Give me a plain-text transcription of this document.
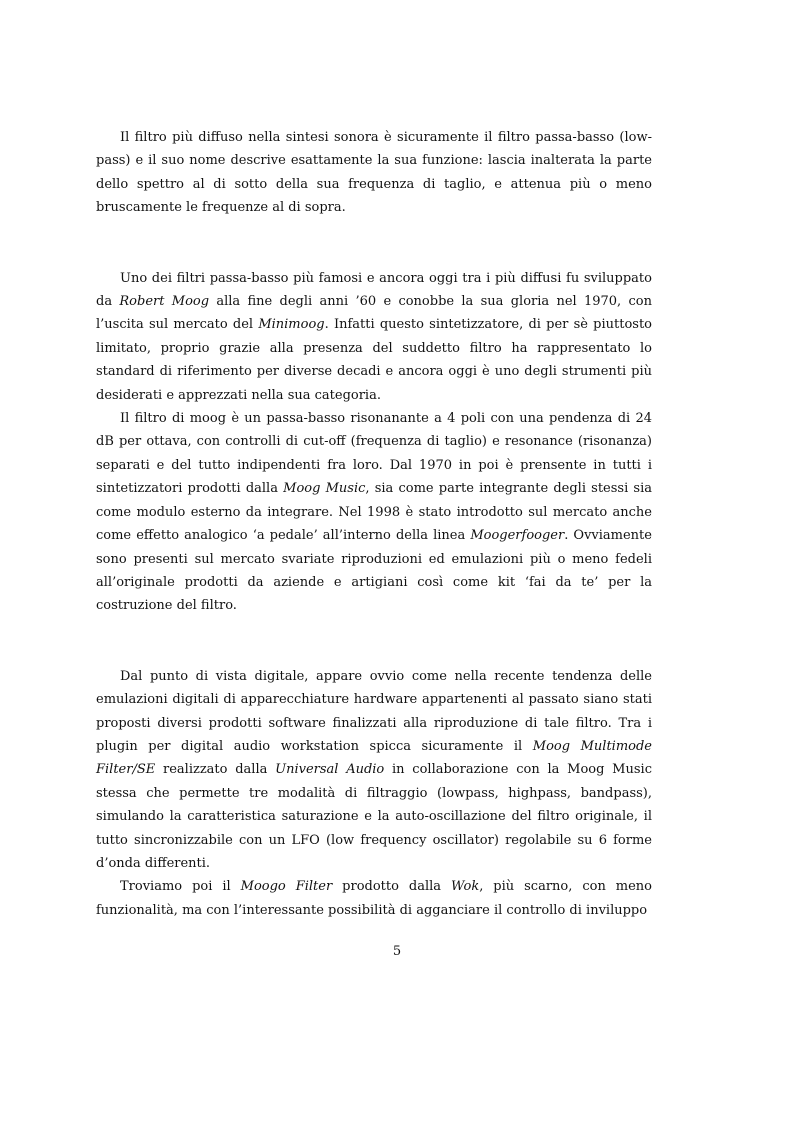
Il filtro più diffuso nella sintesi sonora è sicuramente il filtro passa-basso (low-pass) e il suo nome descrive esattamente la sua funzione: lascia inalterata la parte dello spettro al di sotto della sua frequenza di taglio, e attenua più o meno bruscamente le frequenze al di sopra.

Uno dei filtri passa-basso più famosi e ancora oggi tra i più diffusi fu sviluppato da Robert Moog alla fine degli anni ’60 e conobbe la sua gloria nel 1970, con l’uscita sul mercato del Minimoog. Infatti questo sintetizzatore, di per sè piuttosto limitato, proprio grazie alla presenza del suddetto filtro ha rappresentato lo standard di riferimento per diverse decadi e ancora oggi è uno degli strumenti più desiderati e apprezzati nella sua categoria.

Il filtro di moog è un passa-basso risonanante a 4 poli con una pendenza di 24 dB per ottava, con controlli di cut-off (frequenza di taglio) e resonance (risonanza) separati e del tutto indipendenti fra loro. Dal 1970 in poi è prensente in tutti i sintetizzatori prodotti dalla Moog Music, sia come parte integrante degli stessi sia come modulo esterno da integrare. Nel 1998 è stato introdotto sul mercato anche come effetto analogico ‘a pedale’ all’interno della linea Moogerfooger. Ovviamente sono presenti sul mercato svariate riproduzioni ed emulazioni più o meno fedeli all’originale prodotti da aziende e artigiani così come kit ‘fai da te’ per la costruzione del filtro.

Dal punto di vista digitale, appare ovvio come nella recente tendenza delle emulazioni digitali di apparecchiature hardware appartenenti al passato siano stati proposti diversi prodotti software finalizzati alla riproduzione di tale filtro. Tra i plugin per digital audio workstation spicca sicuramente il Moog Multimode Filter/SE realizzato dalla Universal Audio in collaborazione con la Moog Music stessa che permette tre modalità di filtraggio (lowpass, highpass, bandpass), simulando la caratteristica saturazione e la auto-oscillazione del filtro originale, il tutto sincronizzabile con un LFO (low frequency oscillator) regolabile su 6 forme d’onda differenti.

Troviamo poi il Moogo Filter prodotto dalla Wok, più scarno, con meno funzionalità, ma con l’interessante possibilità di agganciare il controllo di inviluppo

5
